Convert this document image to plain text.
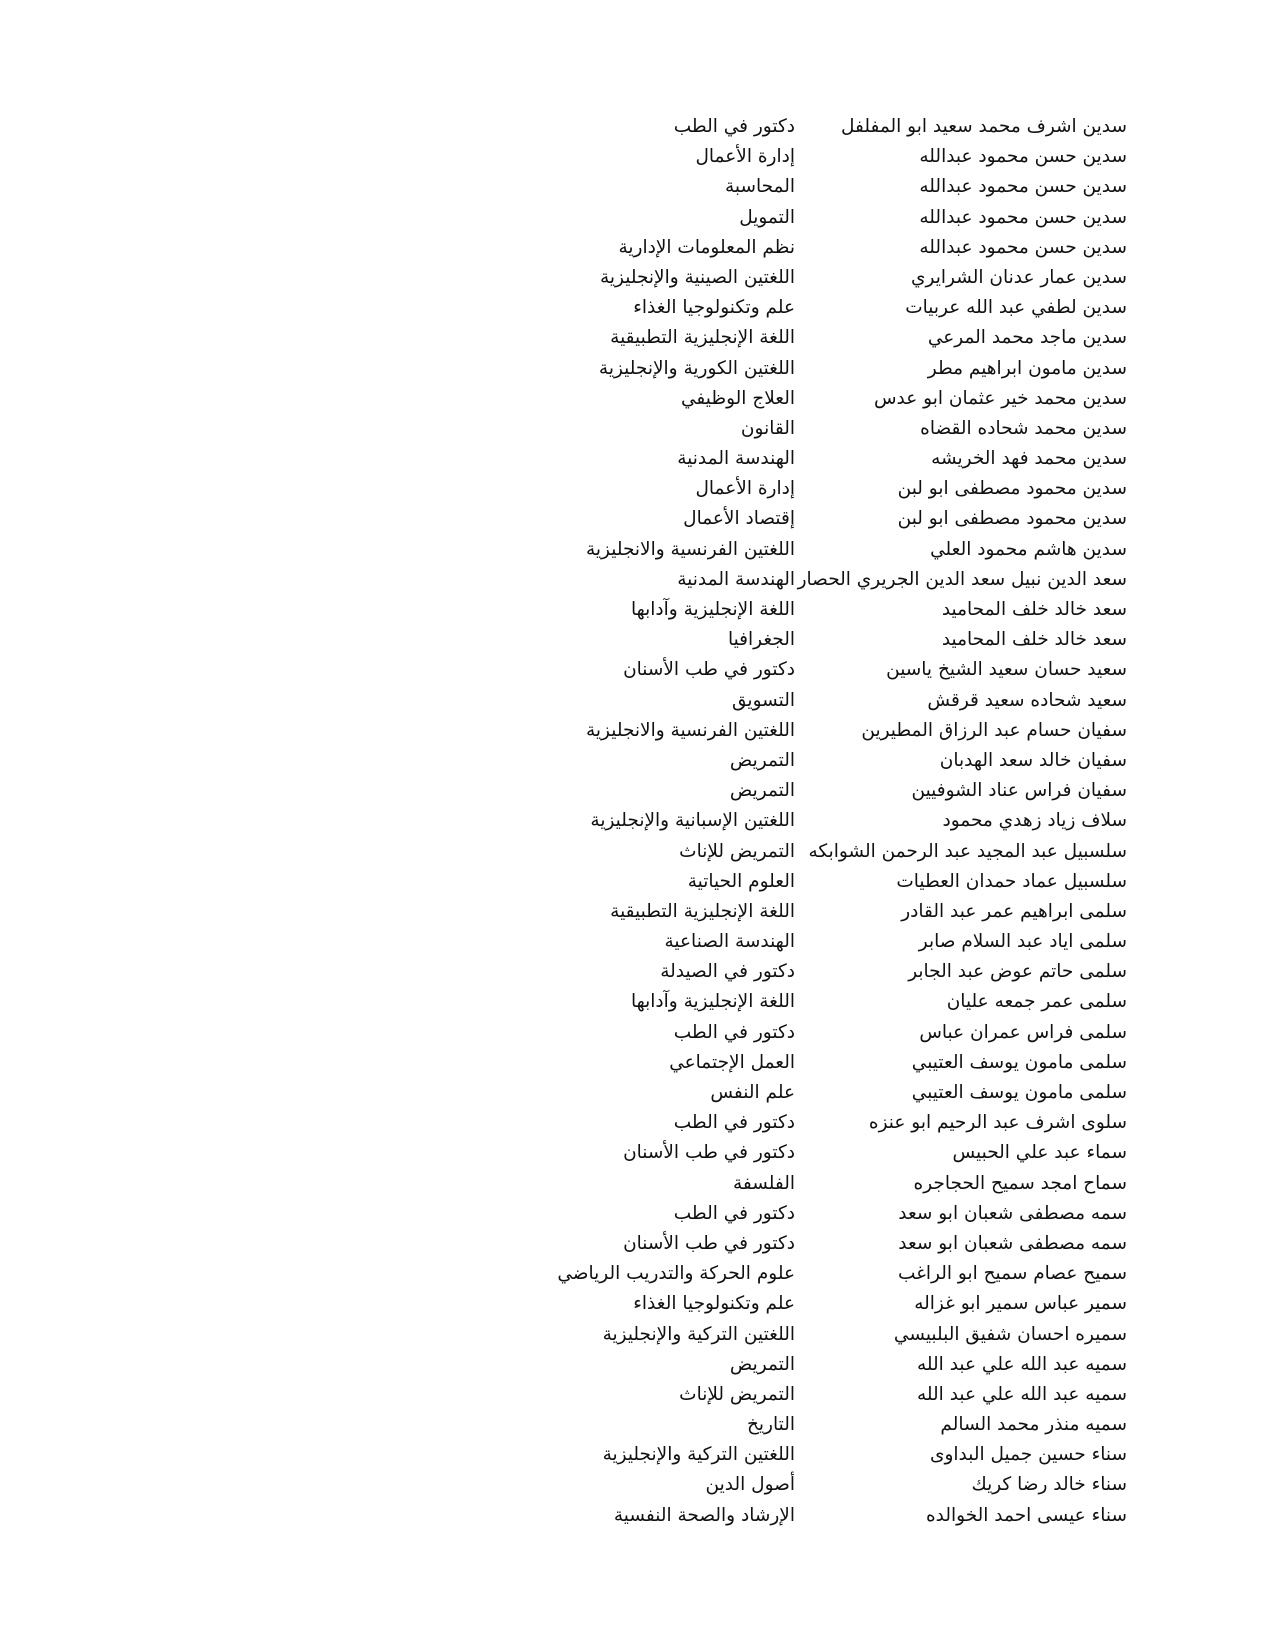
سدين اشرف محمد سعيد ابو المفلفل
دكتور في الطب
سدين حسن محمود عبدالله
إدارة الأعمال
سدين حسن محمود عبدالله
المحاسبة
سدين حسن محمود عبدالله
التمويل
سدين حسن محمود عبدالله
نظم المعلومات الإدارية
سدين عمار عدنان الشرايري
اللغتين الصينية والإنجليزية
سدين لطفي عبد الله عربيات
علم وتكنولوجيا الغذاء
سدين ماجد محمد المرعي
اللغة الإنجليزية التطبيقية
سدين مامون ابراهيم مطر
اللغتين الكورية والإنجليزية
سدين محمد خير عثمان ابو عدس
العلاج الوظيفي
سدين محمد شحاده القضاه
القانون
سدين محمد فهد الخريشه
الهندسة المدنية
سدين محمود مصطفى ابو لبن
إدارة الأعمال
سدين محمود مصطفى ابو لبن
إقتصاد الأعمال
سدين هاشم محمود العلي
اللغتين الفرنسية والانجليزية
سعد الدين نبيل سعد الدين الجريري الحصار
الهندسة المدنية
سعد خالد خلف المحاميد
اللغة الإنجليزية وآدابها
سعد خالد خلف المحاميد
الجغرافيا
سعيد حسان سعيد الشيخ ياسين
دكتور في طب الأسنان
سعيد شحاده سعيد قرقش
التسويق
سفيان حسام عبد الرزاق المطيرين
اللغتين الفرنسية والانجليزية
سفيان خالد سعد الهدبان
التمريض
سفيان فراس عناد الشوفيين
التمريض
سلاف زياد زهدي محمود
اللغتين الإسبانية والإنجليزية
سلسبيل عبد المجيد عبد الرحمن الشوابكه
التمريض للإناث
سلسبيل عماد حمدان العطيات
العلوم الحياتية
سلمى ابراهيم عمر عبد القادر
اللغة الإنجليزية التطبيقية
سلمى اياد عبد السلام صابر
الهندسة الصناعية
سلمى حاتم عوض عبد الجابر
دكتور في الصيدلة
سلمى عمر جمعه عليان
اللغة الإنجليزية وآدابها
سلمى فراس عمران عباس
دكتور في الطب
سلمى مامون يوسف العتيبي
العمل الإجتماعي
سلمى مامون يوسف العتيبي
علم النفس
سلوى اشرف عبد الرحيم ابو عنزه
دكتور في الطب
سماء عبد علي الحبيس
دكتور في طب الأسنان
سماح امجد سميح الحجاجره
الفلسفة
سمه مصطفى شعبان ابو سعد
دكتور في الطب
سمه مصطفى شعبان ابو سعد
دكتور في طب الأسنان
سميح عصام سميح ابو الراغب
علوم الحركة والتدريب الرياضي
سمير عباس سمير ابو غزاله
علم وتكنولوجيا الغذاء
سميره احسان شفيق البلبيسي
اللغتين التركية والإنجليزية
سميه عبد الله علي عبد الله
التمريض
سميه عبد الله علي عبد الله
التمريض للإناث
سميه منذر محمد السالم
التاريخ
سناء حسين جميل البداوى
اللغتين التركية والإنجليزية
سناء خالد رضا كريك
أصول الدين
سناء عيسى احمد الخوالده
الإرشاد والصحة النفسية
